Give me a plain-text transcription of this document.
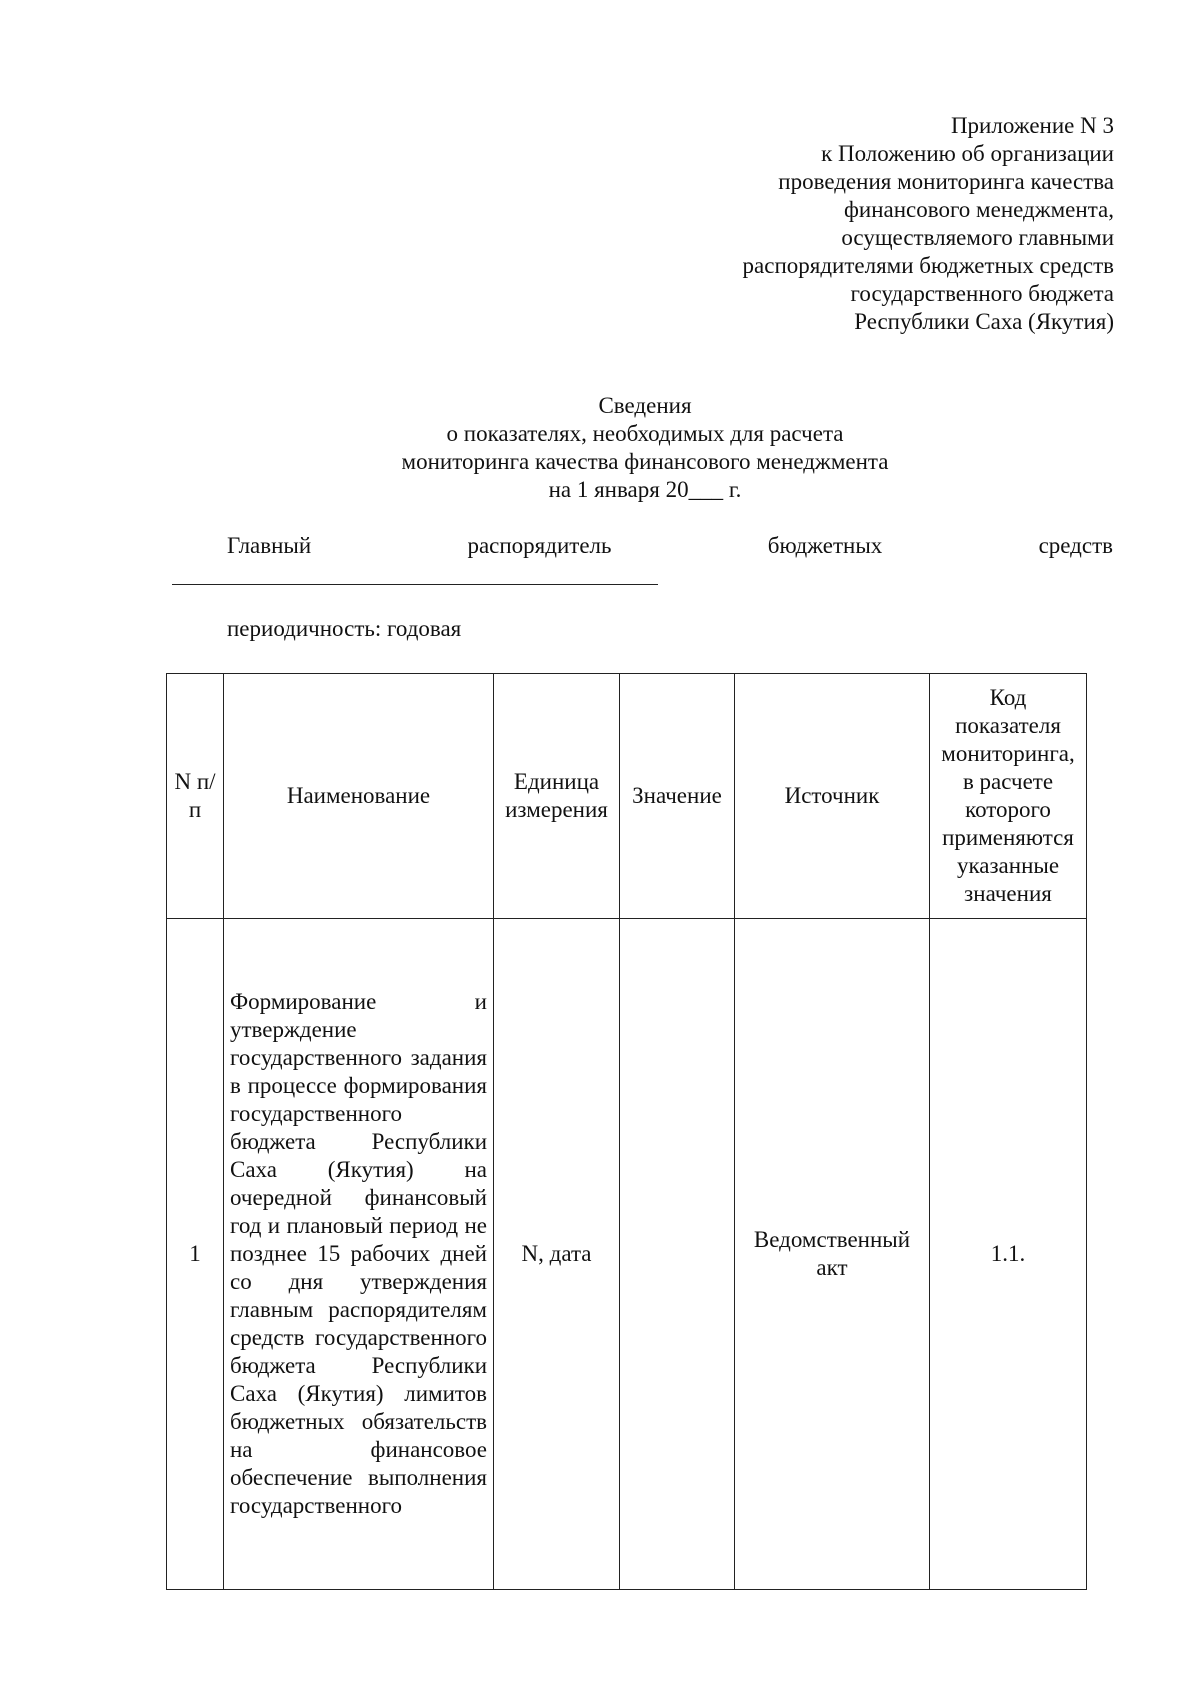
Приложение N 3
к Положению об организации
проведения мониторинга качества
финансового менеджмента,
осуществляемого главными
распорядителями бюджетных средств
государственного бюджета
Республики Саха (Якутия)
Сведения
о показателях, необходимых для расчета
мониторинга качества финансового менеджмента
на 1 января 20___ г.
Главный	распорядитель	бюджетных	средств
периодичность: годовая
N п/п	Наименование	Единица измерения	Значение	Источник	Код показателя мониторинга, в расчете которого применяются указанные значения
1	Формирование и утверждение государственного задания в процессе формирования государственного бюджета Республики Саха (Якутия) на очередной финансовый год и плановый период не позднее 15 рабочих дней со дня утверждения главным распорядителям средств государственного бюджета Республики Саха (Якутия) лимитов бюджетных обязательств на финансовое обеспечение выполнения государственного	N, дата		Ведомственный акт	1.1.
